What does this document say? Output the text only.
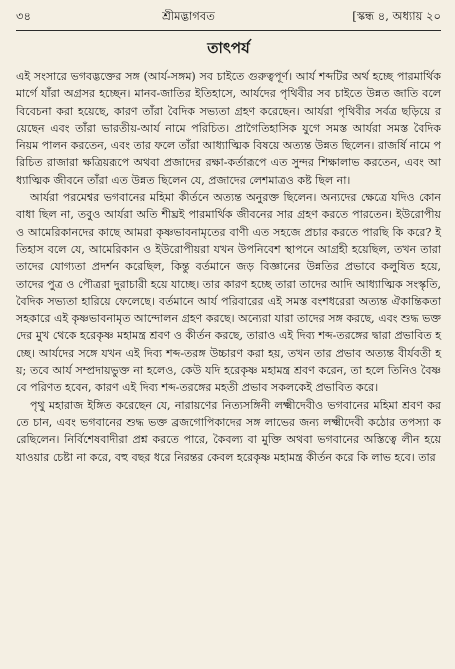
৩৪	শ্রীমদ্ভাগবত	[স্কন্ধ ৪, অধ্যায় ২০
তাৎপর্য

এই সংসারে ভগবদ্ভক্তের সঙ্গ (আর্য-সঙ্গম) সব চাইতে গুরুত্বপূর্ণ। আর্য শব্দটির অর্থ হচ্ছে পারমার্থিক মার্গে যাঁরা অগ্রসর হচ্ছেন। মানব-জাতির ইতিহাসে, আর্যদের পৃথিবীর সব চাইতে উন্নত জাতি বলে বিবেচনা করা হয়েছে, কারণ তাঁরা বৈদিক সভ্যতা গ্রহণ করেছেন। আর্যরা পৃথিবীর সর্বত্র ছড়িয়ে রয়েছেন এবং তাঁরা ভারতীয়-আর্য নামে পরিচিত। প্রাগৈতিহাসিক যুগে সমস্ত আর্যরা সমস্ত বৈদিক নিয়ম পালন করতেন, এবং তার ফলে তাঁরা আধ্যাত্মিক বিষয়ে অত্যন্ত উন্নত ছিলেন। রাজর্ষি নামে পরিচিত রাজারা ক্ষত্রিয়রূপে অথবা প্রজাদের রক্ষা-কর্তারূপে এত সুন্দর শিক্ষালাভ করতেন, এবং আধ্যাত্মিক জীবনে তাঁরা এত উন্নত ছিলেন যে, প্রজাদের লেশমাত্রও কষ্ট ছিল না।

আর্যরা পরমেশ্বর ভগবানের মহিমা কীর্তনে অত্যন্ত অনুরক্ত ছিলেন। অন্যদের ক্ষেত্রে যদিও কোন বাধা ছিল না, তবুও আর্যরা অতি শীঘ্রই পারমার্থিক জীবনের সার গ্রহণ করতে পারতেন। ইউরোপীয় ও আমেরিকানদের কাছে আমরা কৃষ্ণভাবনামৃতের বাণী এত সহজে প্রচার করতে পারছি কি করে? ইতিহাস বলে যে, আমেরিকান ও ইউরোপীয়রা যখন উপনিবেশ স্থাপনে আগ্রহী হয়েছিল, তখন তারা তাদের যোগ্যতা প্রদর্শন করেছিল, কিন্তু বর্তমানে জড় বিজ্ঞানের উন্নতির প্রভাবে কলুষিত হয়ে, তাদের পুত্র ও পৌত্ররা দুরাচারী হয়ে যাচ্ছে। তার কারণ হচ্ছে তারা তাদের আদি আধ্যাত্মিক সংস্কৃতি, বৈদিক সভ্যতা হারিয়ে ফেলেছে। বর্তমানে আর্য পরিবারের এই সমস্ত বংশধরেরা অত্যন্ত ঐকান্তিকতা সহকারে এই কৃষ্ণভাবনামৃত আন্দোলন গ্রহণ করছে। অন্যেরা যারা তাদের সঙ্গ করছে, এবং শুদ্ধ ভক্তদের মুখ থেকে হরেকৃষ্ণ মহামন্ত্র শ্রবণ ও কীর্তন করছে, তারাও এই দিব্য শব্দ-তরঙ্গের দ্বারা প্রভাবিত হচ্ছে। আর্যদের সঙ্গে যখন এই দিব্য শব্দ-তরঙ্গ উচ্চারণ করা হয়, তখন তার প্রভাব অত্যন্ত বীর্যবতী হয়; তবে আর্য সম্প্রদায়ভুক্ত না হলেও, কেউ যদি হরেকৃষ্ণ মহামন্ত্র শ্রবণ করেন, তা হলে তিনিও বৈষ্ণবে পরিণত হবেন, কারণ এই দিব্য শব্দ-তরঙ্গের মহতী প্রভাব সকলকেই প্রভাবিত করে।

পৃথু মহারাজ ইঙ্গিত করেছেন যে, নারায়ণের নিত্যসঙ্গিনী লক্ষ্মীদেবীও ভগবানের মহিমা শ্রবণ করতে চান, এবং ভগবানের শুদ্ধ ভক্ত ব্রজগোপিকাদের সঙ্গ লাভের জন্য লক্ষ্মীদেবী কঠোর তপস্যা করেছিলেন। নির্বিশেষবাদীরা প্রশ্ন করতে পারে, কৈবল্য বা মুক্তি অথবা ভগবানের অস্তিত্বে লীন হয়ে যাওয়ার চেষ্টা না করে, বহু বছর ধরে নিরন্তর কেবল হরেকৃষ্ণ মহামন্ত্র কীর্তন করে কি লাভ হবে। তার
